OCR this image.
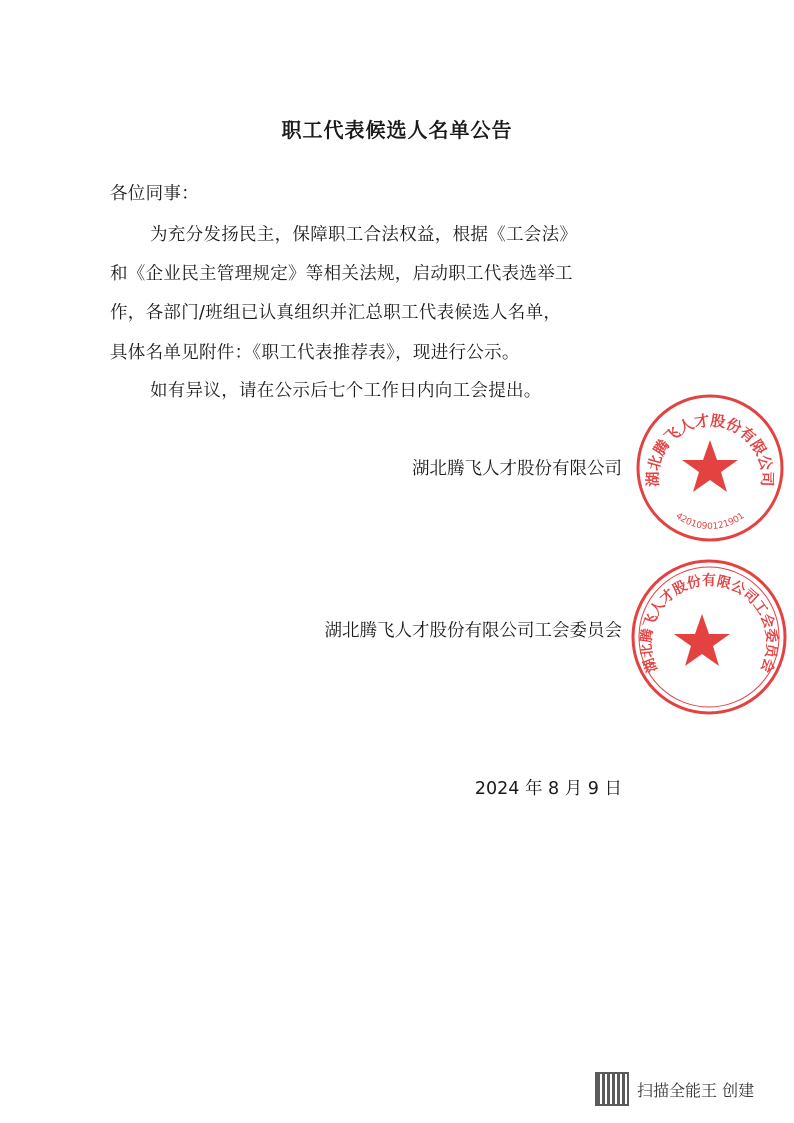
职工代表候选人名单公告
各位同事：
为充分发扬民主，保障职工合法权益，根据《工会法》
和《企业民主管理规定》等相关法规，启动职工代表选举工
作，各部门/班组已认真组织并汇总职工代表候选人名单，
具体名单见附件：《职工代表推荐表》，现进行公示。
如有异议，请在公示后七个工作日内向工会提出。
湖北腾飞人才股份有限公司
湖北腾飞人才股份有限公司工会委员会
2024 年 8 月 9 日
湖北腾飞人才股份有限公司
4201090121901
湖北腾飞人才股份有限公司工会委员会
扫描全能王 创建
